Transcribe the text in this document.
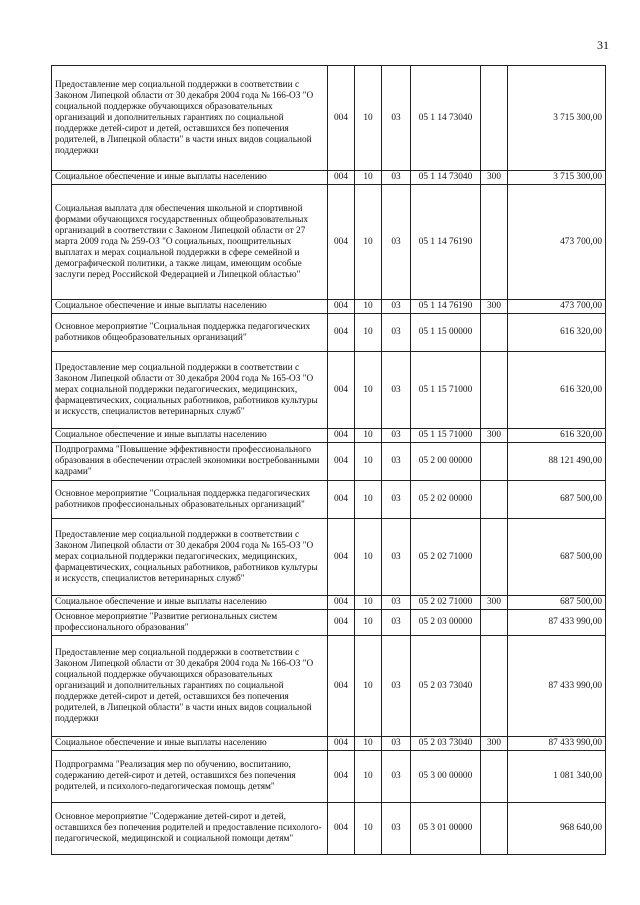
31
Предоставление мер социальной поддержки в соответствии с Законом Липецкой области от 30 декабря 2004 года № 166-ОЗ "О социальной поддержке обучающихся образовательных организаций и дополнительных гарантиях по социальной поддержке детей-сирот и детей, оставшихся без попечения родителей, в Липецкой области" в части иных видов социальной поддержки	004	10	03	05 1 14 73040		3 715 300,00
Социальное обеспечение и иные выплаты населению	004	10	03	05 1 14 73040	300	3 715 300,00
Социальная выплата для обеспечения школьной и спортивной формами обучающихся государственных общеобразовательных организаций в соответствии с Законом Липецкой области от 27 марта 2009 года № 259-ОЗ "О социальных, поощрительных выплатах и мерах социальной поддержки в сфере семейной и демографической политики, а также лицам, имеющим особые заслуги перед Российской Федерацией и Липецкой областью"	004	10	03	05 1 14 76190		473 700,00
Социальное обеспечение и иные выплаты населению	004	10	03	05 1 14 76190	300	473 700,00
Основное мероприятие "Социальная поддержка педагогических работников общеобразовательных организаций"	004	10	03	05 1 15 00000		616 320,00
Предоставление мер социальной поддержки в соответствии с Законом Липецкой области от 30 декабря 2004 года № 165-ОЗ "О мерах социальной поддержки педагогических, медицинских, фармацевтических, социальных работников, работников культуры и искусств, специалистов ветеринарных служб"	004	10	03	05 1 15 71000		616 320,00
Социальное обеспечение и иные выплаты населению	004	10	03	05 1 15 71000	300	616 320,00
Подпрограмма "Повышение эффективности профессионального образования в обеспечении отраслей экономики востребованными кадрами"	004	10	03	05 2 00 00000		88 121 490,00
Основное мероприятие "Социальная поддержка педагогических работников профессиональных образовательных организаций"	004	10	03	05 2 02 00000		687 500,00
Предоставление мер социальной поддержки в соответствии с Законом Липецкой области от 30 декабря 2004 года № 165-ОЗ "О мерах социальной поддержки педагогических, медицинских, фармацевтических, социальных работников, работников культуры и искусств, специалистов ветеринарных служб"	004	10	03	05 2 02 71000		687 500,00
Социальное обеспечение и иные выплаты населению	004	10	03	05 2 02 71000	300	687 500,00
Основное мероприятие "Развитие региональных систем профессионального образования"	004	10	03	05 2 03 00000		87 433 990,00
Предоставление мер социальной поддержки в соответствии с Законом Липецкой области от 30 декабря 2004 года № 166-ОЗ "О социальной поддержке обучающихся образовательных организаций и дополнительных гарантиях по социальной поддержке детей-сирот и детей, оставшихся без попечения родителей, в Липецкой области" в части иных видов социальной поддержки	004	10	03	05 2 03 73040		87 433 990,00
Социальное обеспечение и иные выплаты населению	004	10	03	05 2 03 73040	300	87 433 990,00
Подпрограмма "Реализация мер по обучению, воспитанию, содержанию детей-сирот и детей, оставшихся без попечения родителей, и психолого-педагогическая помощь детям"	004	10	03	05 3 00 00000		1 081 340,00
Основное мероприятие "Содержание детей-сирот и детей, оставшихся без попечения родителей и предоставление психолого-педагогической, медицинской и социальной помощи детям"	004	10	03	05 3 01 00000		968 640,00
